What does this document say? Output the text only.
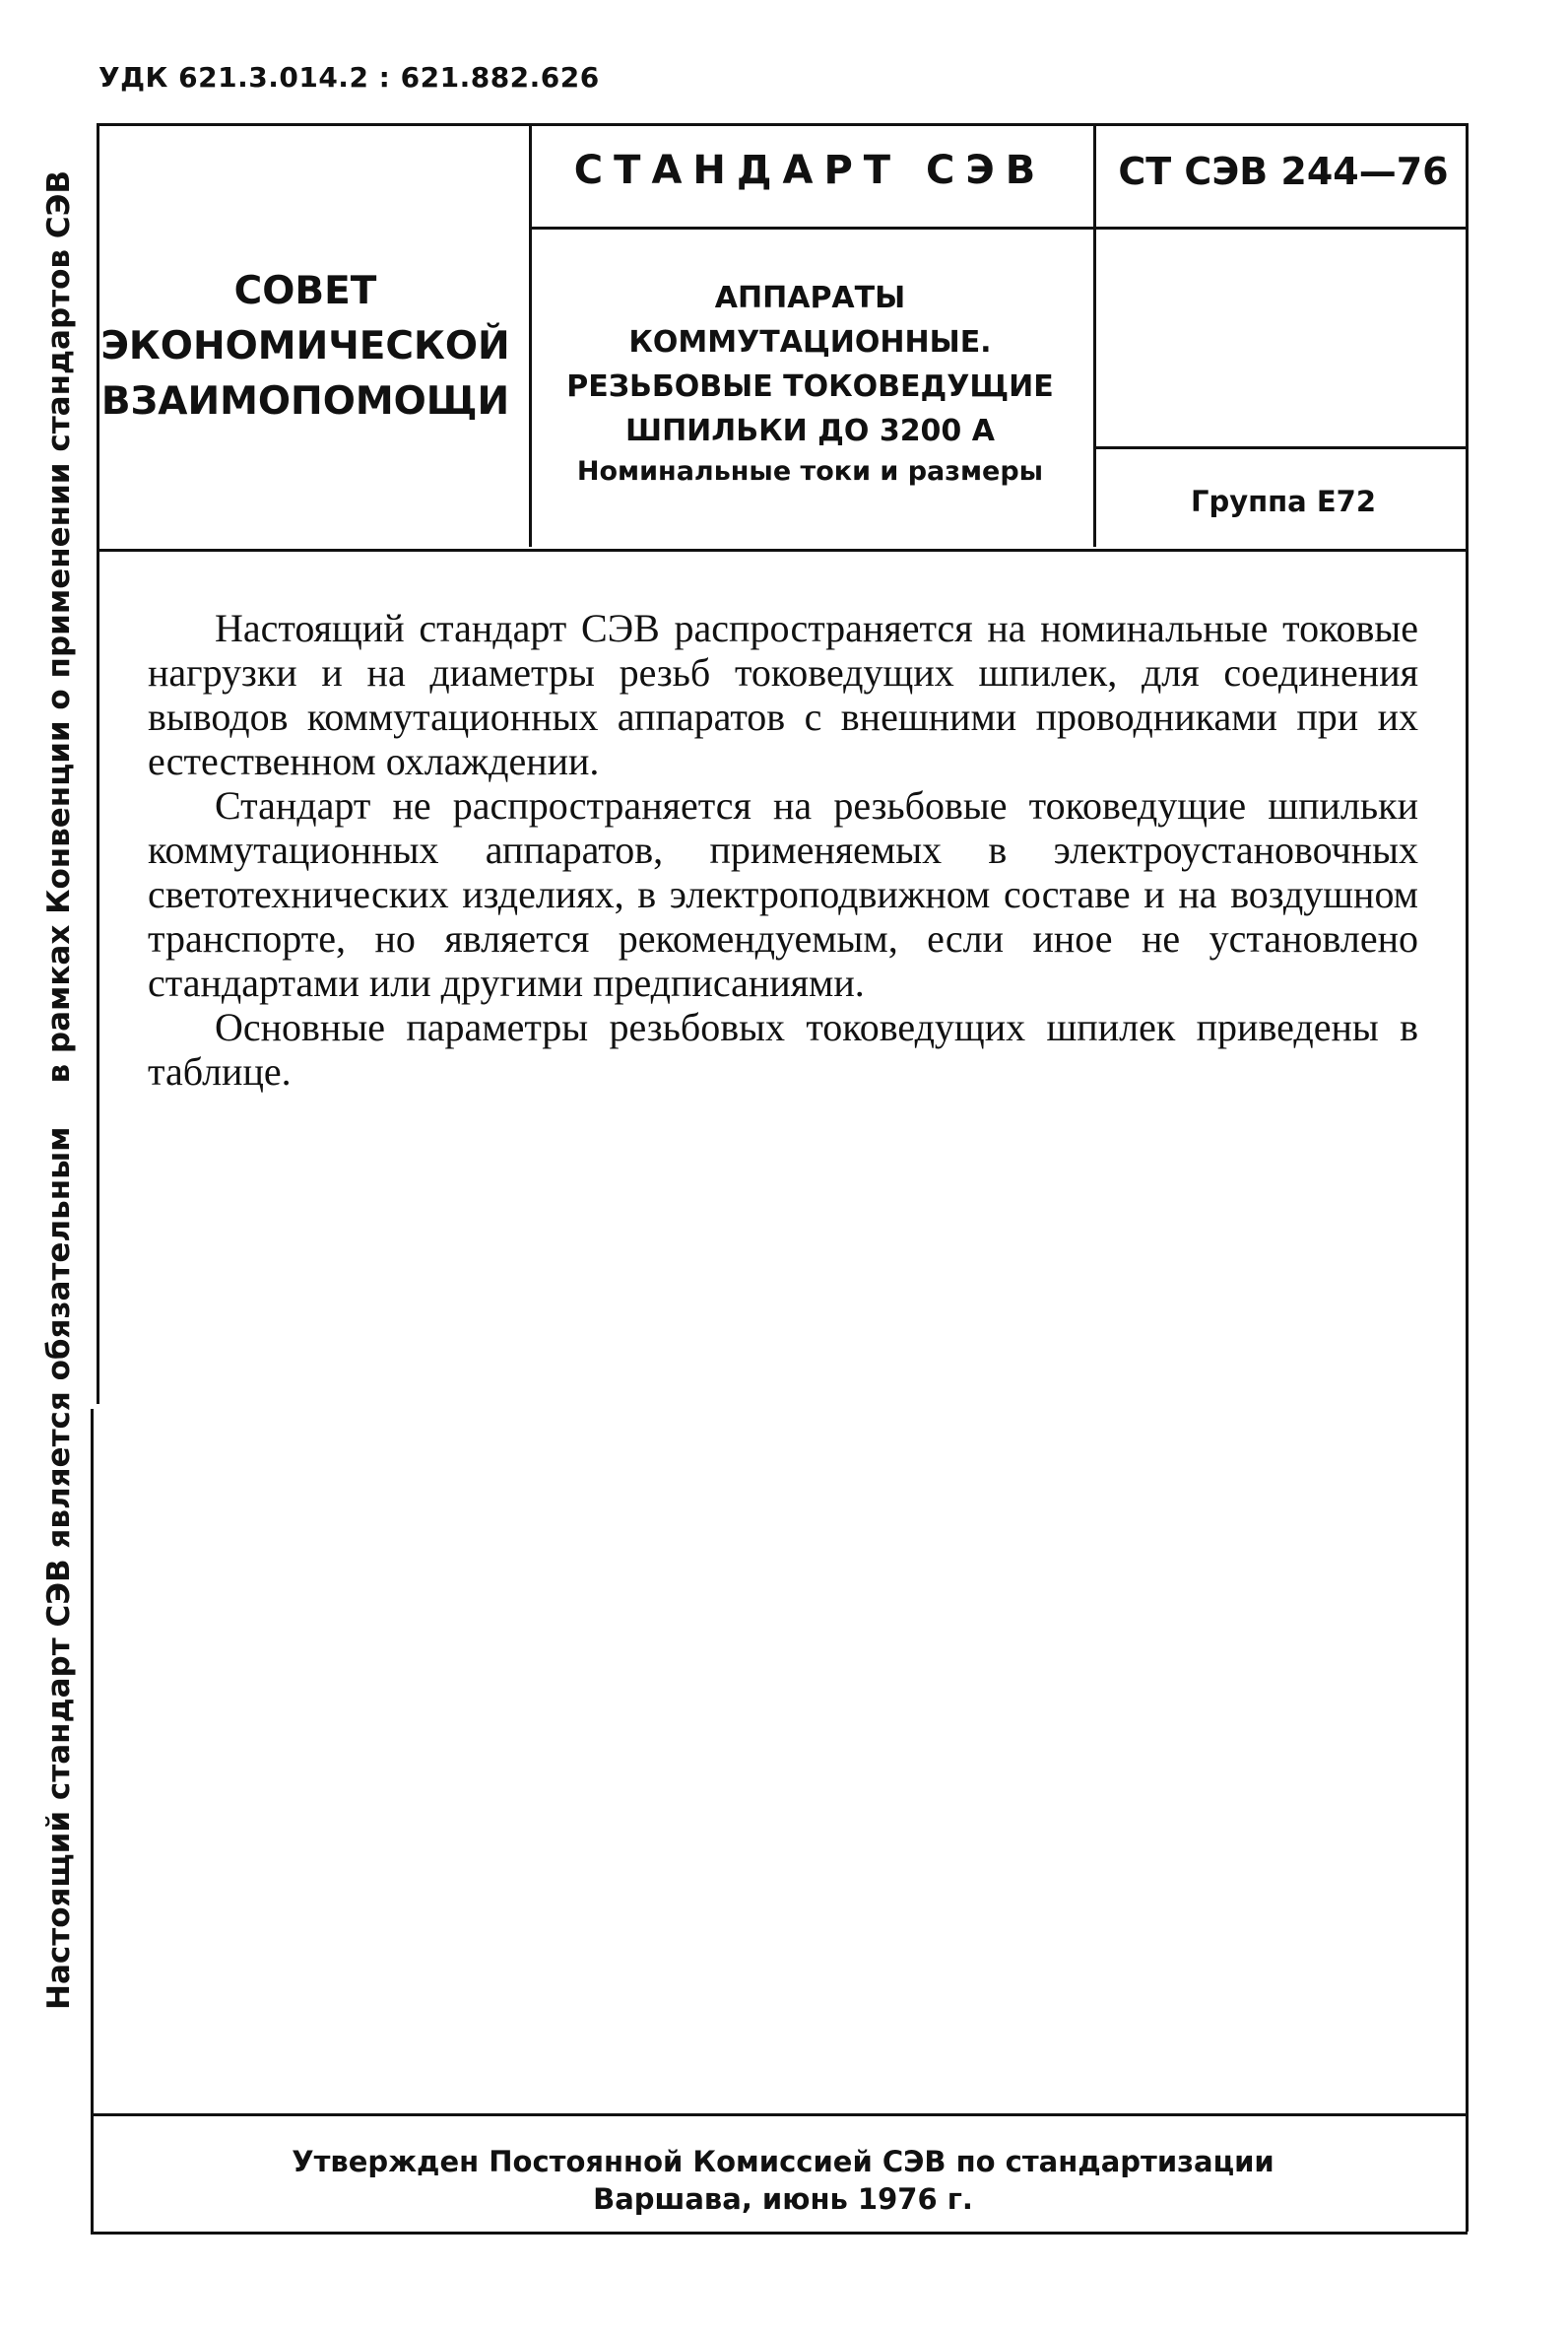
УДК 621.3.014.2 : 621.882.626
Настоящий стандарт СЭВ является обязательнымв рамках Конвенции о применении стандартов СЭВ	СОВЕТ
ЭКОНОМИЧЕСКОЙ
ВЗАИМОПОМОЩИ
СТАНДАРТ СЭВ	СТ СЭВ 244—76
АППАРАТЫ
КОММУТАЦИОННЫЕ.
РЕЗЬБОВЫЕ ТОКОВЕДУЩИЕ
ШПИЛЬКИ ДО 3200 А
Номинальные токи и размеры
Группа Е72

Настоящий стандарт СЭВ распространяется на номинальные токовые нагрузки и на диаметры резьб токоведущих шпилек, для соединения выводов коммутационных аппаратов с внешними проводниками при их естественном охлаждении.

Стандарт не распространяется на резьбовые токоведущие шпильки коммутационных аппаратов, применяемых в электроустановочных светотехнических изделиях, в электроподвижном составе и на воздушном транспорте, но является рекомендуемым, если иное не установлено стандартами или другими предписаниями.

Основные параметры резьбовых токоведущих шпилек приведены в таблице.

Утвержден Постоянной Комиссией СЭВ по стандартизации
Варшава, июнь 1976 г.
